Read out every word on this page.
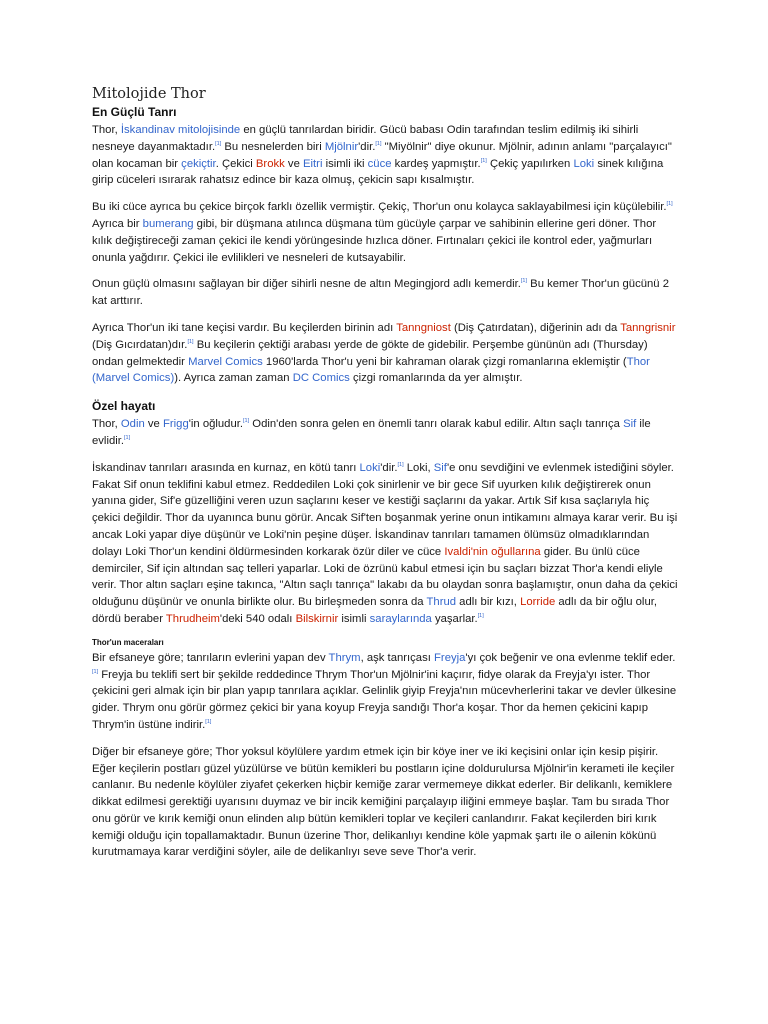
Mitolojide Thor
En Güçlü Tanrı

Thor, İskandinav mitolojisinde en güçlü tanrılardan biridir. Gücü babası Odin tarafından teslim edilmiş iki sihirli nesneye dayanmaktadır.[1] Bu nesnelerden biri Mjölnir'dir.[1] "Miyölnir" diye okunur. Mjölnir, adının anlamı "parçalayıcı" olan kocaman bir çekiçtir. Çekici Brokk ve Eitri isimli iki cüce kardeş yapmıştır.[1] Çekiç yapılırken Loki sinek kılığına girip cüceleri ısırarak rahatsız edince bir kaza olmuş, çekicin sapı kısalmıştır.

Bu iki cüce ayrıca bu çekice birçok farklı özellik vermiştir. Çekiç, Thor'un onu kolayca saklayabilmesi için küçülebilir.[1] Ayrıca bir bumerang gibi, bir düşmana atılınca düşmana tüm gücüyle çarpar ve sahibinin ellerine geri döner. Thor kılık değiştireceği zaman çekici ile kendi yörüngesinde hızlıca döner. Fırtınaları çekici ile kontrol eder, yağmurları onunla yağdırır. Çekici ile evlilikleri ve nesneleri de kutsayabilir.

Onun güçlü olmasını sağlayan bir diğer sihirli nesne de altın Megingjord adlı kemerdir.[1] Bu kemer Thor'un gücünü 2 kat arttırır.

Ayrıca Thor'un iki tane keçisi vardır. Bu keçilerden birinin adı Tanngniost (Diş Çatırdatan), diğerinin adı da Tanngrisnir (Diş Gıcırdatan)dır.[1] Bu keçilerin çektiği arabası yerde de gökte de gidebilir. Perşembe gününün adı (Thursday) ondan gelmektedir Marvel Comics 1960'larda Thor'u yeni bir kahraman olarak çizgi romanlarına eklemiştir (Thor (Marvel Comics)). Ayrıca zaman zaman DC Comics çizgi romanlarında da yer almıştır.

Özel hayatı

Thor, Odin ve Frigg'in oğludur.[1] Odin'den sonra gelen en önemli tanrı olarak kabul edilir. Altın saçlı tanrıça Sif ile evlidir.[1]

İskandinav tanrıları arasında en kurnaz, en kötü tanrı Loki'dir.[1] Loki, Sif'e onu sevdiğini ve evlenmek istediğini söyler. Fakat Sif onun teklifini kabul etmez. Reddedilen Loki çok sinirlenir ve bir gece Sif uyurken kılık değiştirerek onun yanına gider, Sif'e güzelliğini veren uzun saçlarını keser ve kestiği saçlarını da yakar. Artık Sif kısa saçlarıyla hiç çekici değildir. Thor da uyanınca bunu görür. Ancak Sif'ten boşanmak yerine onun intikamını almaya karar verir. Bu işi ancak Loki yapar diye düşünür ve Loki'nin peşine düşer. İskandinav tanrıları tamamen ölümsüz olmadıklarından dolayı Loki Thor'un kendini öldürmesinden korkarak özür diler ve cüce Ivaldi'nin oğullarına gider. Bu ünlü cüce demirciler, Sif için altından saç telleri yaparlar. Loki de özrünü kabul etmesi için bu saçları bizzat Thor'a kendi eliyle verir. Thor altın saçları eşine takınca, "Altın saçlı tanrıça" lakabı da bu olaydan sonra başlamıştır, onun daha da çekici olduğunu düşünür ve onunla birlikte olur. Bu birleşmeden sonra da Thrud adlı bir kızı, Lorride adlı da bir oğlu olur, dördü beraber Thrudheim'deki 540 odalı Bilskirnir isimli saraylarında yaşarlar.[1]

Thor'un maceraları

Bir efsaneye göre; tanrıların evlerini yapan dev Thrym, aşk tanrıçası Freyja'yı çok beğenir ve ona evlenme teklif eder.[1] Freyja bu teklifi sert bir şekilde reddedince Thrym Thor'un Mjölnir'ini kaçırır, fidye olarak da Freyja'yı ister. Thor çekicini geri almak için bir plan yapıp tanrılara açıklar. Gelinlik giyip Freyja'nın mücevherlerini takar ve devler ülkesine gider. Thrym onu görür görmez çekici bir yana koyup Freyja sandığı Thor'a koşar. Thor da hemen çekicini kapıp Thrym'in üstüne indirir.[1]

Diğer bir efsaneye göre; Thor yoksul köylülere yardım etmek için bir köye iner ve iki keçisini onlar için kesip pişirir. Eğer keçilerin postları güzel yüzülürse ve bütün kemikleri bu postların içine doldurulursa Mjölnir'in kerameti ile keçiler canlanır. Bu nedenle köylüler ziyafet çekerken hiçbir kemiğe zarar vermemeye dikkat ederler. Bir delikanlı, kemiklere dikkat edilmesi gerektiği uyarısını duymaz ve bir incik kemiğini parçalayıp iliğini emmeye başlar. Tam bu sırada Thor onu görür ve kırık kemiği onun elinden alıp bütün kemikleri toplar ve keçileri canlandırır. Fakat keçilerden biri kırık kemiği olduğu için topallamaktadır. Bunun üzerine Thor, delikanlıyı kendine köle yapmak şartı ile o ailenin kökünü kurutmamaya karar verdiğini söyler, aile de delikanlıyı seve seve Thor'a verir.
